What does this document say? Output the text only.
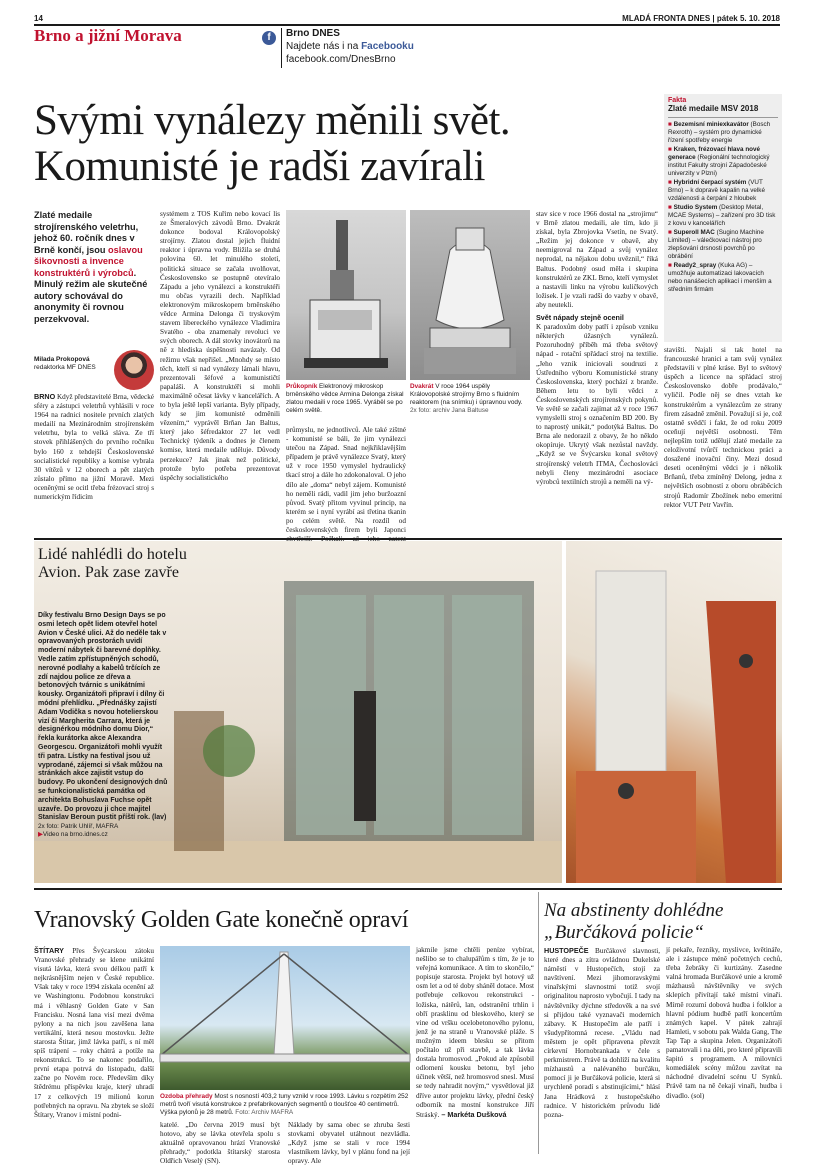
14	MLADÁ FRONTA DNES | pátek 5. 10. 2018
Brno a jižní Morava	f	Brno DNES
Najdete nás i na Facebooku
facebook.com/DnesBrno
Svými vynálezy měnili svět.
Komunisté je radši zavírali
Fakta
Zlaté medaile MSV 2018
■ Bezemisní miniexkavátor (Bosch Rexroth) – systém pro dynamické řízení spotřeby energie
■ Kraken, frézovací hlava nové generace (Regionální technologický institut Fakulty strojní Západočeské univerzity v Plzni)
■ Hybridní čerpací systém (VUT Brno) – k dopravě kapalin na velké vzdálenosti a čerpání z hloubek
■ Studio System (Desktop Metal, MCAE Systems) – zařízení pro 3D tisk z kovu v kancelářích
■ Superoll MAC (Sugino Machine Limited) – válečkovací nástroj pro zlepšování drsnosti povrchů po obrábění
■ Ready2_spray (Kuka AG) – umožňuje automatizaci lakovacích nebo nanášecích aplikací i menším a středním firmám
Zlaté medaile strojírenského veletrhu, jehož 60. ročník dnes v Brně končí, jsou oslavou šikovnosti a invence konstruktérů i výrobců. Minulý režim ale skutečné autory schovával do anonymity či rovnou perzekvoval.
Milada Prokopová
redaktorka MF DNES
BRNO Když představitelé Brna, vědecké sféry a zástupci veletrhů vyhlásili v roce 1964 na radnici nositele prvních zlatých medailí na Mezinárodním strojírenském veletrhu, byla to velká sláva. Ze tří stovek přihlášených do prvního ročníku bylo 160 z tehdejší Československé socialistické republiky a komise vybrala 30 vítězů v 12 oborech a pět zlatých zůstalo přímo na jižní Moravě. Mezi oceněnými se ocitl třeba frézovací stroj s numerickým řídicím
systémem z TOS Kuřim nebo kovací lis ze Šmeralových závodů Brno. Dvakrát dokonce bodoval Královopolský strojírny. Zlatou dostal jejich fluidní reaktor i úpravna vody. Bližila se druhá polovina 60. let minulého století, politická situace se začala uvolňovat, Československo se postupně otevíralo Západu a jeho vynálezci a konstruktéři mu občas vyrazili dech. Například elektronovým mikroskopem brněnského vědce Armina Delonga či tryskovým stavem libereckého vynálezce Vladimíra Svatého - oba znamenaly revoluci ve svých oborech. A dál stovky inovátorů na ně z hlediska úspěšnosti navázaly. Od režimu však nepřišel. „Mnohdy se místo těch, kteří si nad vynálezy lámali hlavu, prezentovali šéfové a komunističtí papaláši. A konstruktéři si mohli maximálně očesat lávky v kancelářích. A to byla ještě lepší varianta. Byly případy, kdy se jim komunisté odměnili vězením,“ vyprávěl Brňan Jan Baltus, který jako šéfredaktor 27 let vedl Technický týdeník a dodnes je členem komise, která medaile uděluje. Důvody perzekuce? Jak jinak než politické, protože bylo potřeba prezentovat úspěchy socialistického
Průkopník Elektronový mikroskop brněnského vědce Armina Delonga získal zlatou medaili v roce 1965. Vyráběl se po celém světě.
Dvakrát V roce 1964 uspěly Královopolské strojírny Brno s fluidním reaktorem (na snímku) i úpravnou vody.
2x foto: archiv Jana Baltuse
průmyslu, ne jednotlivců. Ale také zištné - komunisté se báli, že jim vynálezci utečou na Západ. Snad nejkřiklavějším případem je právě vynálezce Svatý, který už v roce 1950 vymyslel hydraulický tkací stroj a dále ho zdokonaloval. O jeho dílo ale „doma“ nebyl zájem. Komunisté ho neměli rádi, vadil jim jeho buržoazní původ. Svatý přitom vyvinul princip, na kterém se i nyní vyrábí asi třetina tkanin po celém světě. Na rozdíl od československých firem byli Japonci
stav sice v roce 1966 dostal na „strojírnu“ v Brně zlatou medaili, ale tím, kdo ji získal, byla Zbrojovka Vsetín, ne Svatý. „Režim jej dokonce v obavě, aby neemigroval na Západ a svůj vynález neprodal, na nějakou dobu uvěznil,“ říká Baltus. Podobný osud měla i skupina konstruktérů ze ZKL Brno, kteří vymyslet a nastavili linku na výrobu kuličkových ložisek. I je vzali radši do vazby v obavě, aby neutekli.
Svět nápady stejně ocenil
K paradoxům doby patří i způsob vzniku některých úžasných vynálezů. Pozoruhodný příběh má třeba světový nápad - rotační spřádací stroj na textilie. „Jeho vznik iniciovali soudruzi z Ústředního výboru Komunistické strany Československa, který pochází z branže. Během letu to byli vědci z Československých strojírenských pokynů. Ve světě se začali zajímat až v roce 1967 vymyslelli stroj s označením BD 200. By to naprostý unikát,“ podotýká Baltus. Do Brna ale nedorazil z obavy, že ho někdo okopíruje. Ukrytý však nezůstal navždy. „Když se ve Švýcarsku konal světový strojírenský veletrh ITMA, Čechoslováci nebyli členy mezinárodní asociace výrobců textilních strojů a neměli na vý-
stavišti. Najali si tak hotel na francouzské hranici a tam svůj vynález představili v plné kráse. Byl to světový úspěch a licence na spřádací stroj Československo dobře prodávalo,“ vyličil. Podle něj se dnes vztah ke konstruktérům a vynálezcům ze strany firem zásadně změnil. Považují si je, což ostatně svědčí i fakt, že od roku 2009 oceňují největší osobnosti. Těm nejlepším totiž udělují zlaté medaile za celoživotní tvůrčí technickou práci a dosažené inovační činy. Mezi dosud deseti oceněnými vědci je i několik Brňanů, třeba zmíněný Delong, jedna z největších osobností z oboru obráběcích strojů Radomír Zbožínek nebo emeritní rektor VUT Petr Vavřín.
Lidé nahlédli do hotelu Avion. Pak zase zavře
Díky festivalu Brno Design Days se po osmi letech opět lidem otevřel hotel Avion v České ulici. Až do neděle tak v opravovaných prostorách uvidí moderní nábytek či barevné doplňky. Vedle zatím zpřístupněných schodů, nerovné podlahy a kabelů trčících ze zdí najdou police ze dřeva a betonových tvárnic s unikátními kousky. Organizátoři připraví i dílny či módní přehlídku. „Přednášky zajistí Adam Vodička s novou hotelierskou vizí či Margherita Carrara, která je designérkou módního domu Dior,“ řekla kurátorka akce Alexandra Georgescu. Organizátoři mohli využít tři patra. Lístky na festival jsou už vyprodané, zájemci si však můžou na stránkách akce zajistit vstup do budovy. Po ukončení designových dnů se funkcionalistická památka od architekta Bohuslava Fuchse opět uzavře. Do provozu ji chce majitel Stanislav Beroun pustit příští rok. (lav)
2x foto: Patrik Uhlíř, MAFRA
▶Video na brno.idnes.cz
Vranovský Golden Gate konečně opraví
ŠTÍTARY Přes Švýcarskou zátoku Vranovské přehrady se klene unikátní visutá lávka, která svou délkou patří k nejkrásnějším nejen v České republice. Však taky v roce 1994 získala ocenění až ve Washingtonu. Podobnou konstrukci má i věhlasný Golden Gate v San Francisku. Nosná lana visí mezi dvěma pylony a na nich jsou zavěšena lana vertikální, která nesou mostovku. Ježte starosta Štitar, jimž lávka patří, s ní měl spíš trápení – roky chátrá a potíže na rekonstrukci. To se nakonec podařilo, první etapa potrvá do listopadu, další začne po Novém roce. Především díky štědrému příspěvku kraje, který uhradí 17 z celkových 19 milionů korun potřebných na opravu. Na zbytek se složí Štítary, Vranov i místní podni-
Ozdoba přehrady Most s nosností 403,2 tuny vznikl v roce 1993. Lávku s rozpětím 252 metrů tvoří visutá konstrukce z prefabrikovaných segmentů o tloušťce 40 centimetrů. Výška pylonů je 28 metrů. Foto: Archiv MAFRA
katelé. „Do června 2019 musí být hotovo, aby se lávka otevřela spolu s aktuálně opravovanou hrází Vranovské přehrady,“ podotkla štítarský starosta Oldřich Veselý (SN).
Náklady by sama obec se zhruba šesti stovkami obyvatel utáhnout nezvládla. „Když jsme se stali v roce 1994 vlastníkem lávky, byl v plánu fond na její opravy. Ale
jakmile jsme chtěli peníze vybírat, nešlibo se to chalupářům s tím, že je to veřejná komunikace. A tím to skončilo,“ popisuje starosta. Projekt byl hotový už osm let a od té doby sháněl dotace. Most potřebuje celkovou rekonstrukci - ložiska, nátěrů, lan, odstranění trhlin i obří prasklinu od bleskového, který se vine od vršku ocelobetonového pylonu, jenž je na straně u Vranovské pláže. S možným ideem blesku se přitom počítalo už při stavbě, a tak lávka dostala hromosvod. „Pokud ale způsobil odlomení kousku betonu, byl jeho účinek větší, než hromosvod snesl. Musí se tedy nahradit novým,“ vysvětloval již dříve autor projektu lávky, přední český odborník na mostní konstrukce Jiří Stráský. – Markéta Dušková
Na abstinenty dohlédne
„Burčáková policie“
HUSTOPEČE Burčákové slavnosti, které dnes a zítra ovládnou Dukelské náměstí v Hustopečích, stojí za navštívení. Mezi jihomoravskými vinařskými slavnostmi totiž svojí originalitou naprosto vybočují. I tady na návštěvníky dýchne středověk a na své si přijdou také vyznavači moderních zábavy. K Hustopečím ale patří i všudypřítomná recese. „Vládu nad městem je opět připravena převzít církevní Hornobrankada v čele s perkmistrem. Právě ta dohlíží na kvalitu mízhaustů a nalévaného burčáku, pomocí ji je Burčáková policie, která si urychleně poradí s abstinujícími,“ hlásí Jana Hrádková z hustopečského radnice. V historickém průvodu lidé pozna-
jí pekaře, řezníky, myslivce, květináře, ale i zástupce méně početných cechů, třeba žebráky či kurtizány. Zasedne valná hromada Burčákové unie a kromě mázhausů návštěvníky ve svých sklepích přivítají také místní vinaři. Mírně rozumí dobová hudba i folklor a hlavní pódium hudbě patří koncertům známých kapel. V pátek zahrají Hamleti, v sobotu pak Walda Gang, The Tap Tap a skupina Jelen. Organizátoři pamatovali i na děti, pro které připravili šapitó s programem. A milovníci komediálek scény můžou zavítat na náchodné divadelní scénu U Synků. Právě tam na ně čekají vinaři, hudba i divadlo. (sol)
